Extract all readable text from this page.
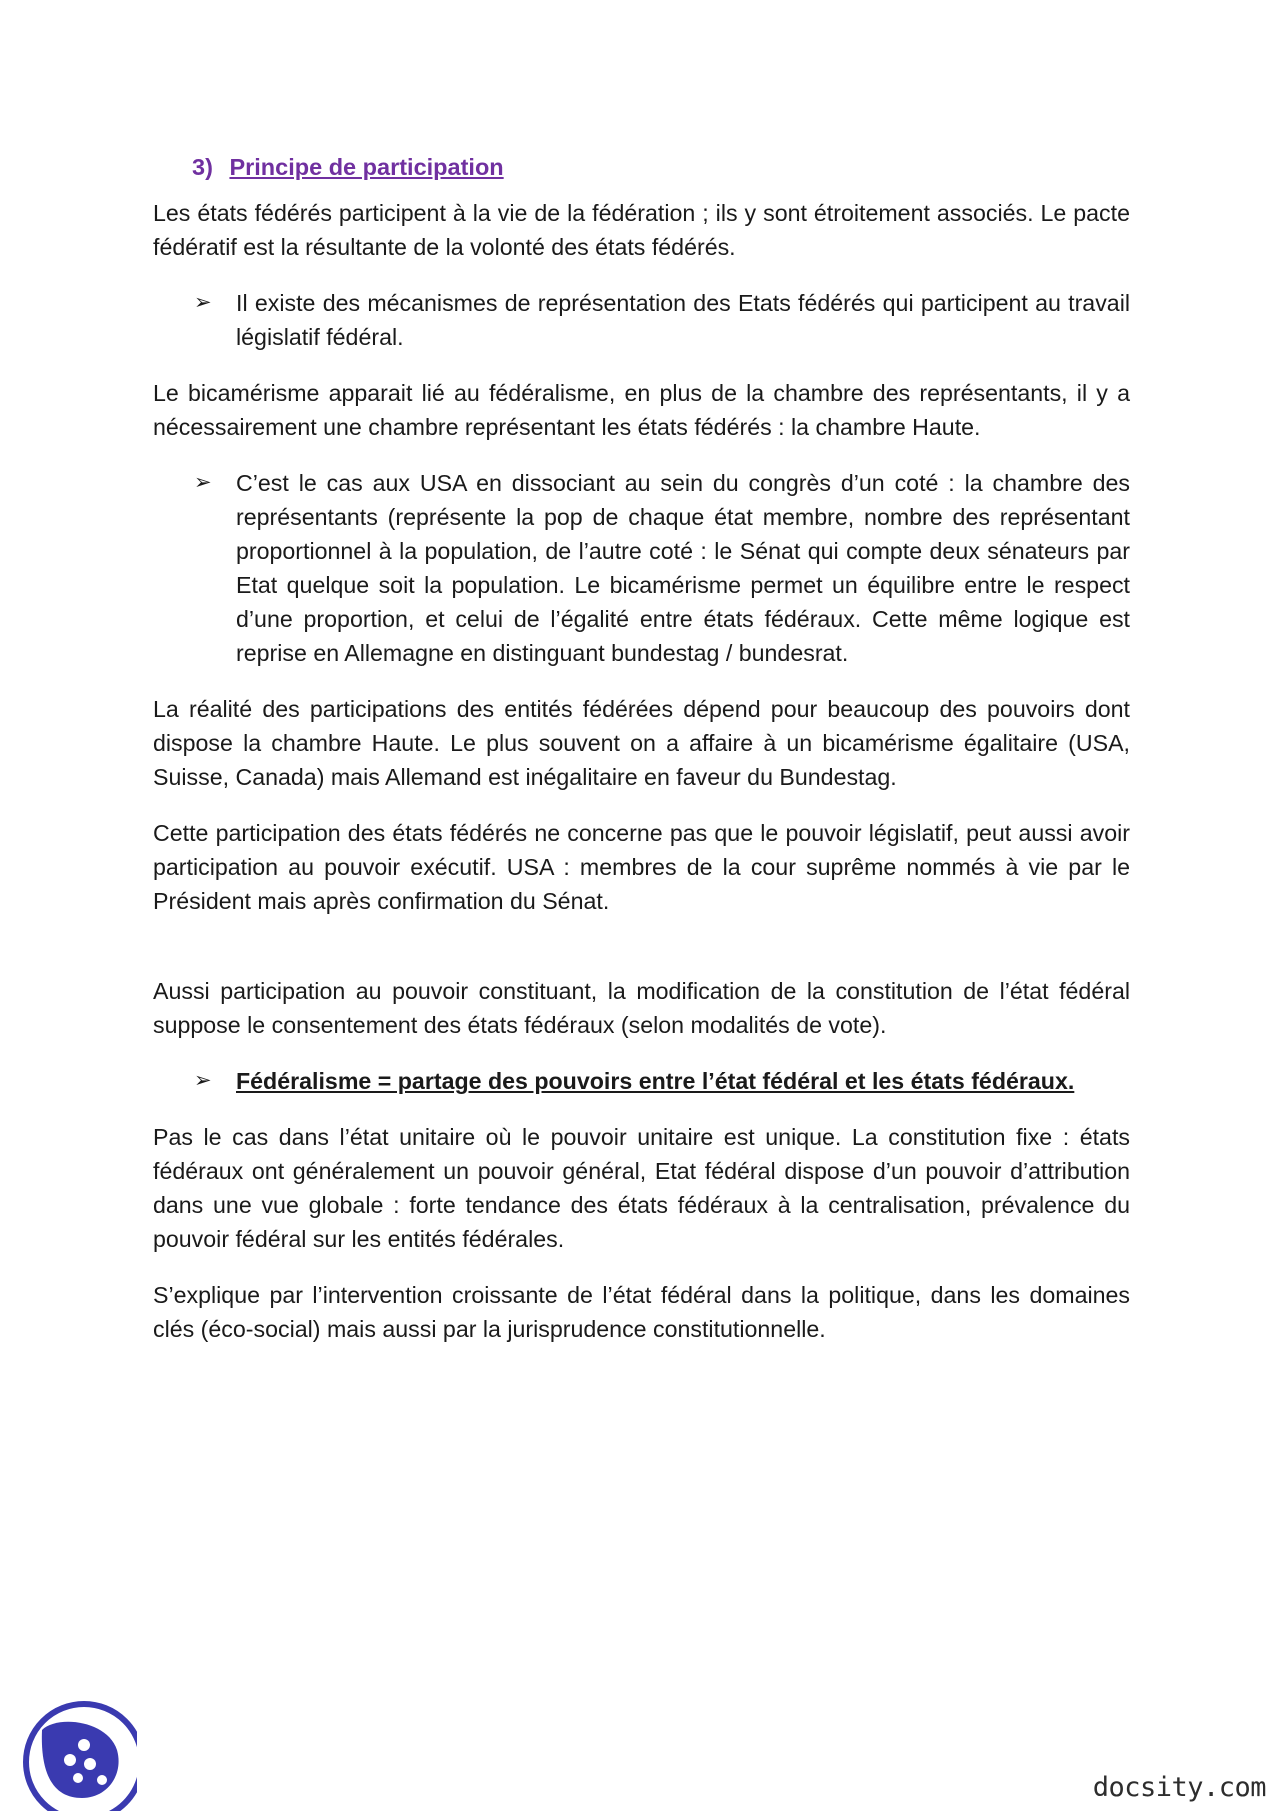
3) Principe de participation

Les états fédérés participent à la vie de la fédération ; ils y sont étroitement associés. Le pacte fédératif est la résultante de la volonté des états fédérés.

➢ Il existe des mécanismes de représentation des Etats fédérés qui participent au travail législatif fédéral.

Le bicamérisme apparait lié au fédéralisme, en plus de la chambre des représentants, il y a nécessairement une chambre représentant les états fédérés : la chambre Haute.

➢ C’est le cas aux USA en dissociant au sein du congrès d’un coté : la chambre des représentants (représente la pop de chaque état membre, nombre des représentant proportionnel à la population, de l’autre coté : le Sénat qui compte deux sénateurs par Etat quelque soit la population. Le bicamérisme permet un équilibre entre le respect d’une proportion, et celui de l’égalité entre états fédéraux. Cette même logique est reprise en Allemagne en distinguant bundestag / bundesrat.

La réalité des participations des entités fédérées dépend pour beaucoup des pouvoirs dont dispose la chambre Haute. Le plus souvent on a affaire à un bicamérisme égalitaire (USA, Suisse, Canada) mais Allemand est inégalitaire en faveur du Bundestag.

Cette participation des états fédérés ne concerne pas que le pouvoir législatif, peut aussi avoir participation au pouvoir exécutif. USA : membres de la cour suprême nommés à vie par le Président mais après confirmation du Sénat.

Aussi participation au pouvoir constituant, la modification de la constitution de l’état fédéral suppose le consentement des états fédéraux (selon modalités de vote).

➢ Fédéralisme = partage des pouvoirs entre l’état fédéral et les états fédéraux.

Pas le cas dans l’état unitaire où le pouvoir unitaire est unique. La constitution fixe : états fédéraux ont généralement un pouvoir général, Etat fédéral dispose d’un pouvoir d’attribution dans une vue globale : forte tendance des états fédéraux à la centralisation, prévalence du pouvoir fédéral sur les entités fédérales.

S’explique par l’intervention croissante de l’état fédéral dans la politique, dans les domaines clés (éco-social) mais aussi par la jurisprudence constitutionnelle.

docsity.com
